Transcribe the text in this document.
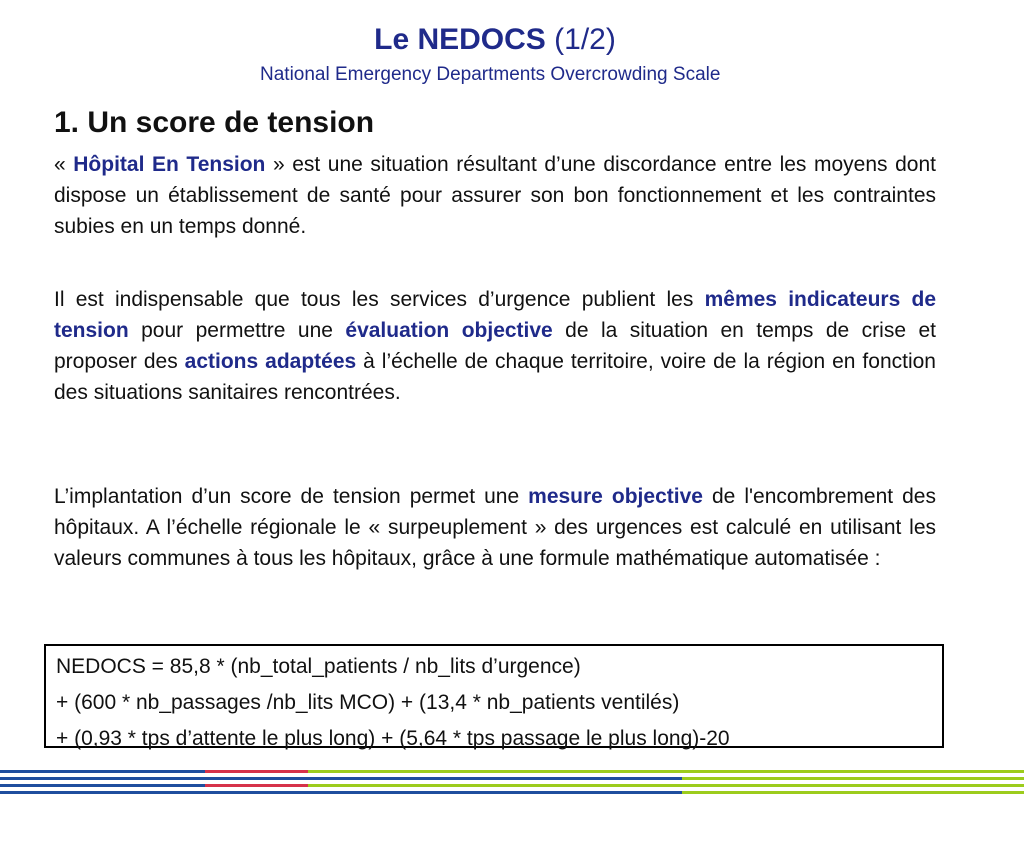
Le NEDOCS (1/2)
National Emergency Departments Overcrowding Scale
1. Un score de tension

« Hôpital En Tension » est une situation résultant d’une discordance entre les moyens dont dispose un établissement de santé pour assurer son bon fonctionnement et les contraintes subies en un temps donné.

Il est indispensable que tous les services d’urgence publient les mêmes indicateurs de tension pour permettre une évaluation objective de la situation en temps de crise et proposer des actions adaptées à l’échelle de chaque territoire, voire de la région en fonction des situations sanitaires rencontrées.

L’implantation d’un score de tension permet une mesure objective de l'encombrement des hôpitaux. A l’échelle régionale le « surpeuplement » des urgences est calculé en utilisant les valeurs communes à tous les hôpitaux, grâce à une formule mathématique automatisée :

NEDOCS = 85,8 * (nb_total_patients / nb_lits d’urgence)
+ (600 * nb_passages /nb_lits MCO) + (13,4 * nb_patients ventilés)
+ (0,93 * tps d’attente le plus long) + (5,64 * tps passage le plus long)-20
